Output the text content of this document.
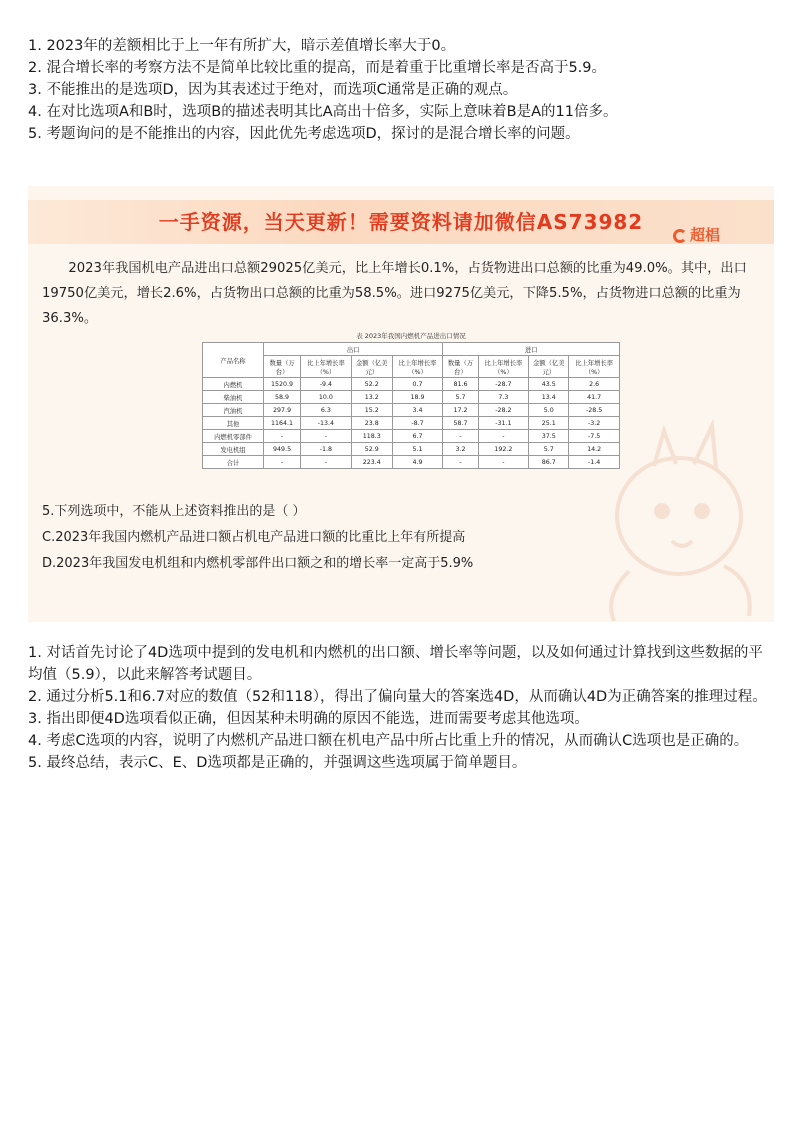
1. 2023年的差额相比于上一年有所扩大，暗示差值增长率大于0。

2. 混合增长率的考察方法不是简单比较比重的提高，而是着重于比重增长率是否高于5.9。

3. 不能推出的是选项D，因为其表述过于绝对，而选项C通常是正确的观点。

4. 在对比选项A和B时，选项B的描述表明其比A高出十倍多，实际上意味着B是A的11倍多。

5. 考题询问的是不能推出的内容，因此优先考虑选项D，探讨的是混合增长率的问题。

一手资源，当天更新！需要资料请加微信AS73982
超椙

2023年我国机电产品进出口总额29025亿美元，比上年增长0.1%，占货物进出口总额的比重为49.0%。其中，出口19750亿美元，增长2.6%，占货物出口总额的比重为58.5%。进口9275亿美元，下降5.5%，占货物进口总额的比重为36.3%。

表 2023年我国内燃机产品进出口情况
产品名称	出口				进口			
	数量（万台）	比上年增长率（%）	金额（亿美元）	比上年增长率（%）	数量（万台）	比上年增长率（%）	金额（亿美元）	比上年增长率（%）
内燃机	1520.9	-9.4	52.2	0.7	81.6	-28.7	43.5	2.6
柴油机	58.9	10.0	13.2	18.9	5.7	7.3	13.4	41.7
汽油机	297.9	6.3	15.2	3.4	17.2	-28.2	5.0	-28.5
其他	1164.1	-13.4	23.8	-8.7	58.7	-31.1	25.1	-3.2
内燃机零部件	-	-	118.3	6.7	-	-	37.5	-7.5
发电机组	949.5	-1.8	52.9	5.1	3.2	192.2	5.7	14.2
合计	-	-	223.4	4.9	-	-	86.7	-1.4
5.下列选项中，不能从上述资料推出的是（ ）
C.2023年我国内燃机产品进口额占机电产品进口额的比重比上年有所提高
D.2023年我国发电机组和内燃机零部件出口额之和的增长率一定高于5.9%

1. 对话首先讨论了4D选项中提到的发电机和内燃机的出口额、增长率等问题，以及如何通过计算找到这些数据的平均值（5.9），以此来解答考试题目。

2. 通过分析5.1和6.7对应的数值（52和118），得出了偏向量大的答案选4D，从而确认4D为正确答案的推理过程。

3. 指出即便4D选项看似正确，但因某种未明确的原因不能选，进而需要考虑其他选项。

4. 考虑C选项的内容，说明了内燃机产品进口额在机电产品中所占比重上升的情况，从而确认C选项也是正确的。

5. 最终总结，表示C、E、D选项都是正确的，并强调这些选项属于简单题目。
